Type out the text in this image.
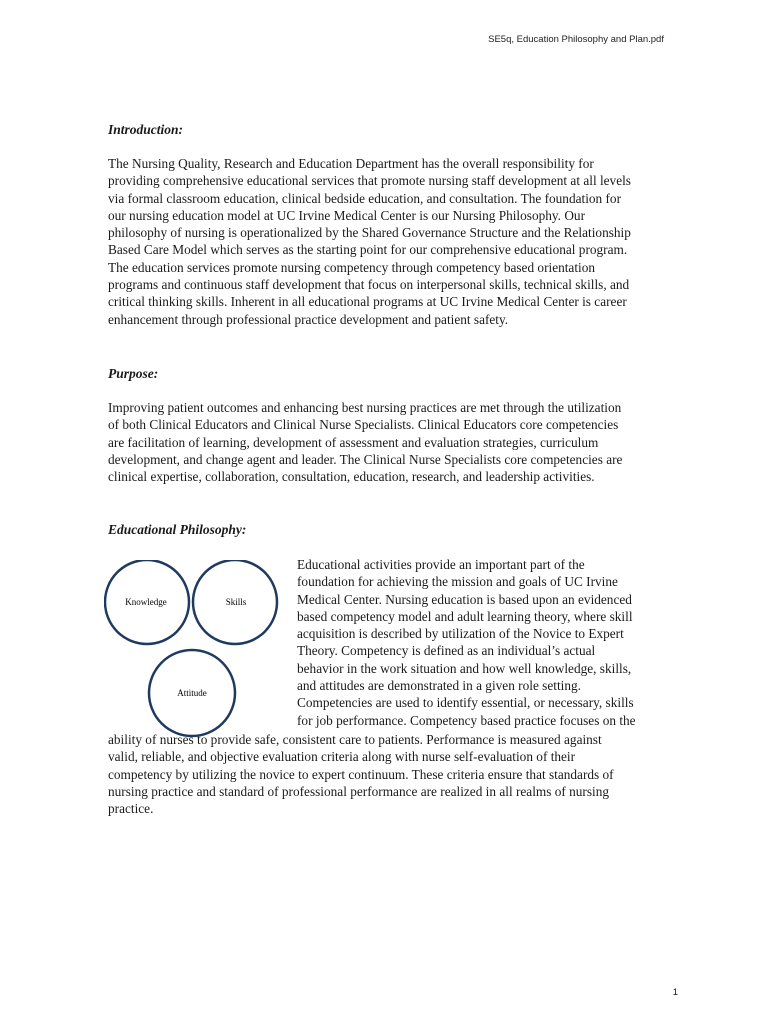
SE5q, Education Philosophy and Plan.pdf

Introduction:

The Nursing Quality, Research and Education Department has the overall responsibility for providing comprehensive educational services that promote nursing staff development at all levels via formal classroom education, clinical bedside education, and consultation. The foundation for our nursing education model at UC Irvine Medical Center is our Nursing Philosophy. Our philosophy of nursing is operationalized by the Shared Governance Structure and the Relationship Based Care Model which serves as the starting point for our comprehensive educational program. The education services promote nursing competency through competency based orientation programs and continuous staff development that focus on interpersonal skills, technical skills, and critical thinking skills. Inherent in all educational programs at UC Irvine Medical Center is career enhancement through professional practice development and patient safety.

Purpose:

Improving patient outcomes and enhancing best nursing practices are met through the utilization of both Clinical Educators and Clinical Nurse Specialists. Clinical Educators core competencies are facilitation of learning, development of assessment and evaluation strategies, curriculum development, and change agent and leader. The Clinical Nurse Specialists core competencies are clinical expertise, collaboration, consultation, education, research, and leadership activities.

Educational Philosophy:

Knowledge	Skills
Attitude

Educational activities provide an important part of the foundation for achieving the mission and goals of UC Irvine Medical Center. Nursing education is based upon an evidenced based competency model and adult learning theory, where skill acquisition is described by utilization of the Novice to Expert Theory. Competency is defined as an individual’s actual behavior in the work situation and how well knowledge, skills, and attitudes are demonstrated in a given role setting. Competencies are used to identify essential, or necessary, skills for job performance. Competency based practice focuses on the

ability of nurses to provide safe, consistent care to patients. Performance is measured against valid, reliable, and objective evaluation criteria along with nurse self-evaluation of their competency by utilizing the novice to expert continuum. These criteria ensure that standards of nursing practice and standard of professional performance are realized in all realms of nursing practice.

1
